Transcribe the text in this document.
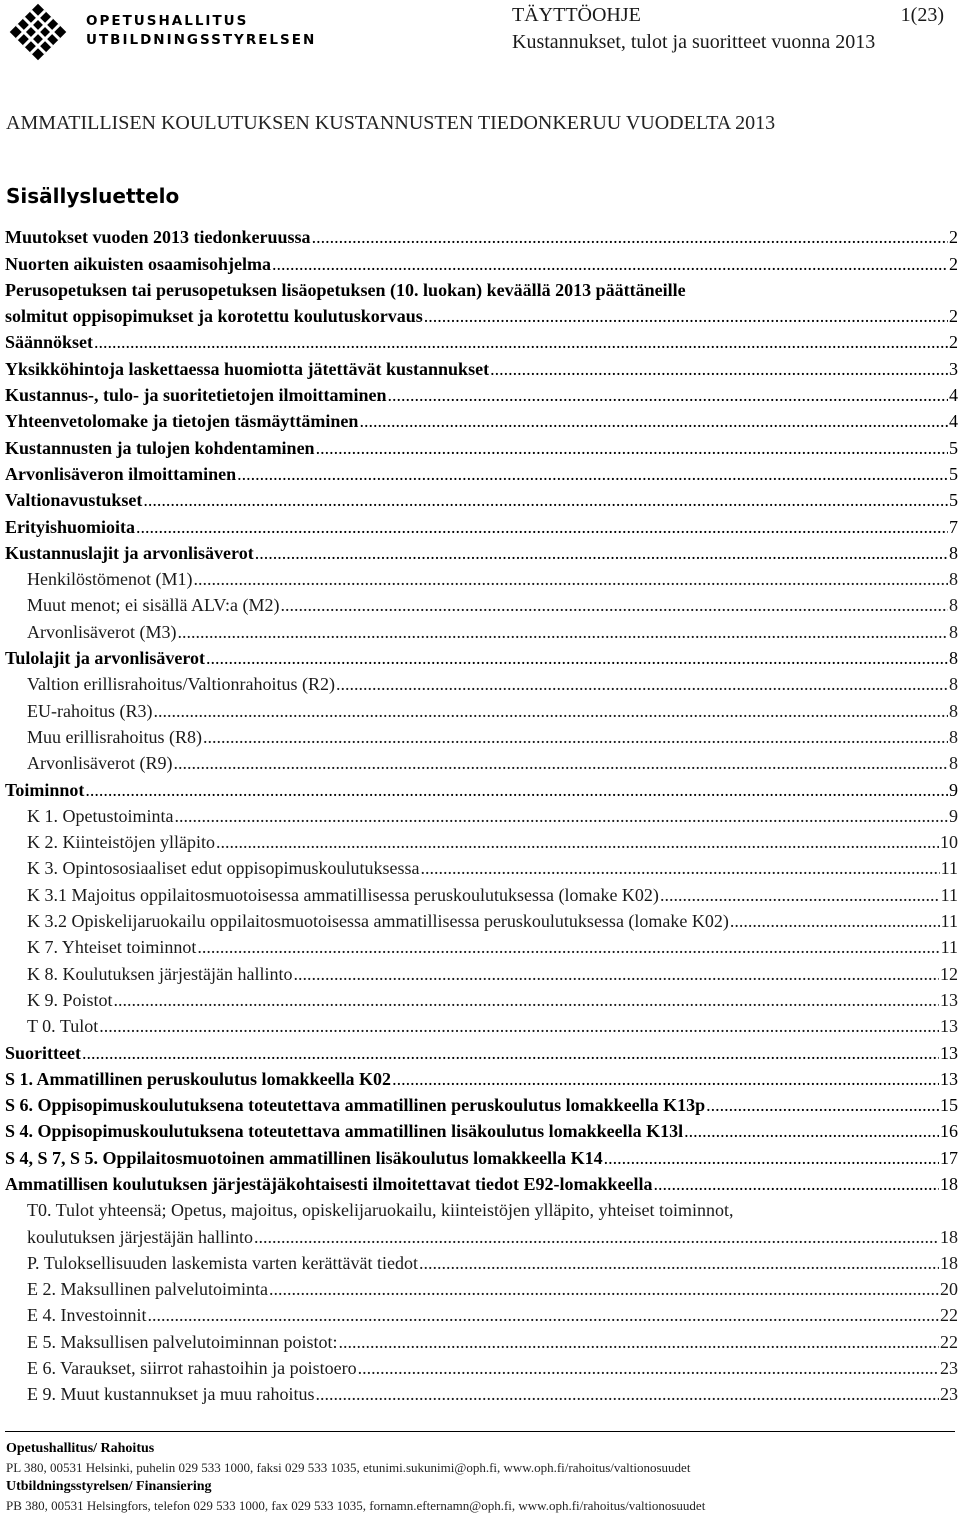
OPETUSHALLITUS
UTBILDNINGSSTYRELSEN
TÄYTTÖOHJE	1(23)
Kustannukset, tulot ja suoritteet vuonna 2013
AMMATILLISEN KOULUTUKSEN KUSTANNUSTEN TIEDONKERUU VUODELTA 2013
Sisällysluettelo
Muutokset vuoden 2013 tiedonkeruussa .....	2
Nuorten aikuisten osaamisohjelma .....	2
Perusopetuksen tai perusopetuksen lisäopetuksen (10. luokan) keväällä 2013 päättäneille
solmitut oppisopimukset ja korotettu koulutuskorvaus .....	2
Säännökset .....	2
Yksikköhintoja laskettaessa huomiotta jätettävät kustannukset .....	3
Kustannus-, tulo- ja suoritetietojen ilmoittaminen .....	4
Yhteenvetolomake ja tietojen täsmäyttäminen .....	4
Kustannusten ja tulojen kohdentaminen .....	5
Arvonlisäveron ilmoittaminen .....	5
Valtionavustukset .....	5
Erityishuomioita .....	7
Kustannuslajit ja arvonlisäverot .....	8
Henkilöstömenot (M1) .....	8
Muut menot; ei sisällä ALV:a (M2) .....	8
Arvonlisäverot (M3) .....	8
Tulolajit ja arvonlisäverot .....	8
Valtion erillisrahoitus/Valtionrahoitus (R2) .....	8
EU-rahoitus (R3) .....	8
Muu erillisrahoitus (R8) .....	8
Arvonlisäverot (R9) .....	8
Toiminnot .....	9
K 1. Opetustoiminta .....	9
K 2. Kiinteistöjen ylläpito .....	10
K 3. Opintososiaaliset edut oppisopimuskoulutuksessa .....	11
K 3.1 Majoitus oppilaitosmuotoisessa ammatillisessa peruskoulutuksessa (lomake K02) .....	11
K 3.2 Opiskelijaruokailu oppilaitosmuotoisessa ammatillisessa peruskoulutuksessa (lomake K02) .....	11
K 7. Yhteiset toiminnot .....	11
K 8. Koulutuksen järjestäjän hallinto .....	12
K 9. Poistot .....	13
T 0. Tulot .....	13
Suoritteet .....	13
S 1. Ammatillinen peruskoulutus lomakkeella K02 .....	13
S 6. Oppisopimuskoulutuksena toteutettava ammatillinen peruskoulutus lomakkeella K13p .....	15
S 4. Oppisopimuskoulutuksena toteutettava ammatillinen lisäkoulutus lomakkeella K13l .....	16
S 4, S 7, S 5. Oppilaitosmuotoinen ammatillinen lisäkoulutus lomakkeella K14 .....	17
Ammatillisen koulutuksen järjestäjäkohtaisesti ilmoitettavat tiedot E92-lomakkeella .....	18
T0. Tulot yhteensä; Opetus, majoitus, opiskelijaruokailu, kiinteistöjen ylläpito, yhteiset toiminnot,
koulutuksen järjestäjän hallinto .....	18
P. Tuloksellisuuden laskemista varten kerättävät tiedot .....	18
E 2. Maksullinen palvelutoiminta .....	20
E 4. Investoinnit .....	22
E 5. Maksullisen palvelutoiminnan poistot: .....	22
E 6. Varaukset, siirrot rahastoihin ja poistoero .....	23
E 9. Muut kustannukset ja muu rahoitus .....	23
Opetushallitus/ Rahoitus
PL 380, 00531 Helsinki, puhelin 029 533 1000, faksi 029 533 1035, etunimi.sukunimi@oph.fi, www.oph.fi/rahoitus/valtionosuudet
Utbildningsstyrelsen/ Finansiering
PB 380, 00531 Helsingfors, telefon 029 533 1000, fax 029 533 1035, fornamn.efternamn@oph.fi, www.oph.fi/rahoitus/valtionosuudet
